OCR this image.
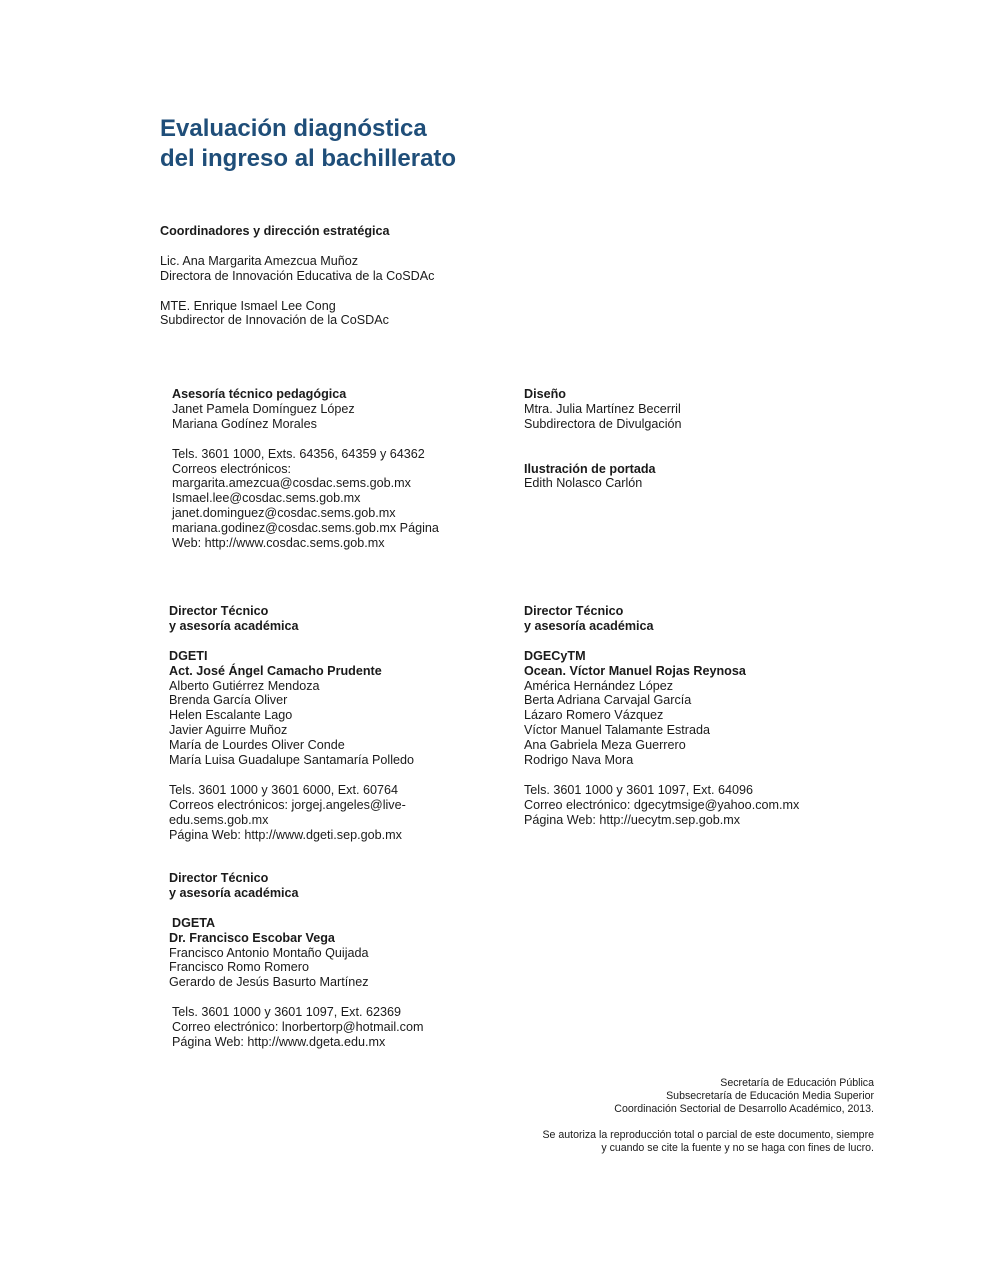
Evaluación diagnóstica
del ingreso al bachillerato
Coordinadores y dirección estratégica
Lic. Ana Margarita Amezcua Muñoz
Directora de Innovación Educativa de la CoSDAc
MTE. Enrique Ismael Lee Cong
Subdirector de Innovación de la CoSDAc
Asesoría técnico pedagógica
Janet Pamela Domínguez López
Mariana Godínez Morales
Tels. 3601 1000, Exts. 64356, 64359 y 64362
Correos electrónicos:
margarita.amezcua@cosdac.sems.gob.mx
Ismael.lee@cosdac.sems.gob.mx
janet.dominguez@cosdac.sems.gob.mx
mariana.godinez@cosdac.sems.gob.mx Página
Web: http://www.cosdac.sems.gob.mx
Diseño
Mtra. Julia Martínez Becerril
Subdirectora de Divulgación
Ilustración de portada
Edith Nolasco Carlón
Director Técnico
y asesoría académica
DGETI
Act. José Ángel Camacho Prudente
Alberto Gutiérrez Mendoza
Brenda García Oliver
Helen Escalante Lago
Javier Aguirre Muñoz
María de Lourdes Oliver Conde
María Luisa Guadalupe Santamaría Polledo
Tels. 3601 1000 y 3601 6000, Ext. 60764
Correos electrónicos: jorgej.angeles@live-
edu.sems.gob.mx
Página Web: http://www.dgeti.sep.gob.mx
Director Técnico
y asesoría académica
DGECyTM
Ocean. Víctor Manuel Rojas Reynosa
América Hernández López
Berta Adriana Carvajal García
Lázaro Romero Vázquez
Víctor Manuel Talamante Estrada
Ana Gabriela Meza Guerrero
Rodrigo Nava Mora
Tels. 3601 1000 y 3601 1097, Ext. 64096
Correo electrónico: dgecytmsige@yahoo.com.mx
Página Web: http://uecytm.sep.gob.mx
Director Técnico
y asesoría académica
DGETA
Dr. Francisco Escobar Vega
Francisco Antonio Montaño Quijada
Francisco Romo Romero
Gerardo de Jesús Basurto Martínez
Tels. 3601 1000 y 3601 1097, Ext. 62369
Correo electrónico: lnorbertorp@hotmail.com
Página Web: http://www.dgeta.edu.mx
Secretaría de Educación Pública
Subsecretaría de Educación Media Superior
Coordinación Sectorial de Desarrollo Académico, 2013.
Se autoriza la reproducción total o parcial de este documento, siempre
y cuando se cite la fuente y no se haga con fines de lucro.
